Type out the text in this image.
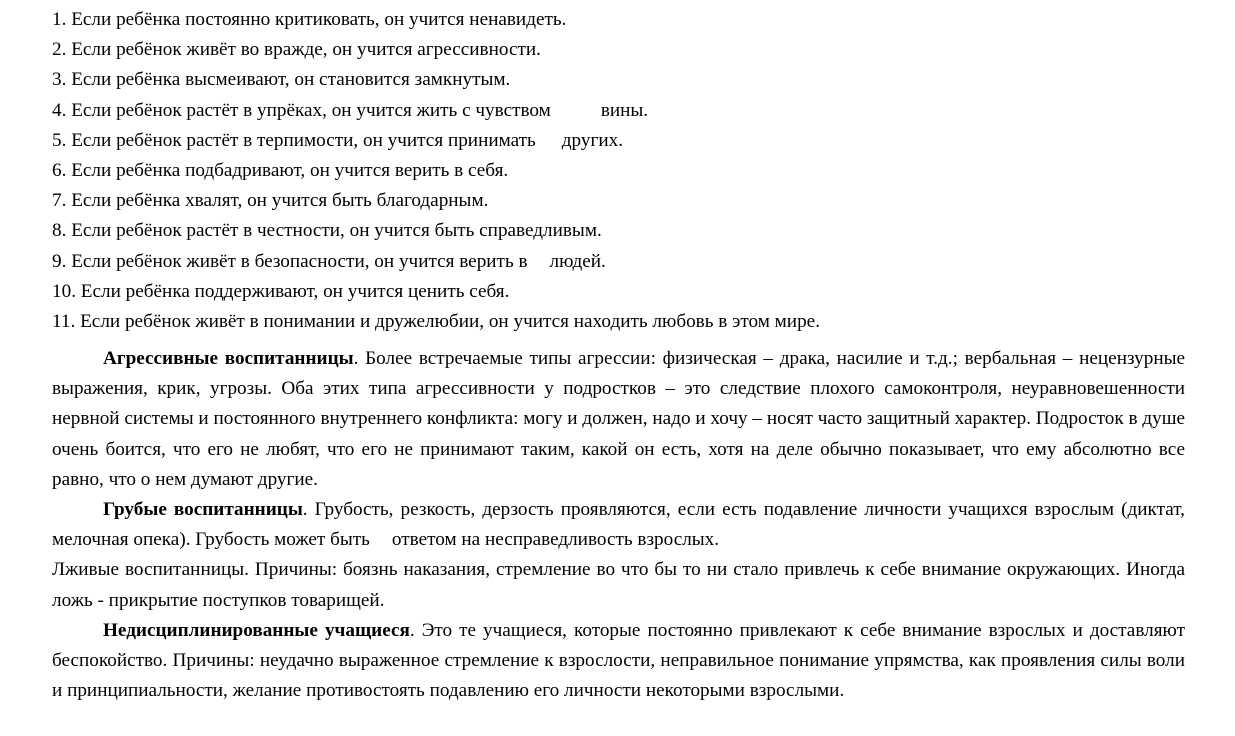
1. Если ребёнка постоянно критиковать, он учится ненавидеть.
2. Если ребёнок живёт во вражде, он учится агрессивности.
3. Если ребёнка высмеивают, он становится замкнутым.
4. Если ребёнок растёт в упрёках, он учится жить с чувством	вины.
5. Если ребёнок растёт в терпимости, он учится принимать других.
6. Если ребёнка подбадривают, он учится верить в себя.
7. Если ребёнка хвалят, он учится быть благодарным.
8. Если ребёнок растёт в честности, он учится быть справедливым.
9. Если ребёнок живёт в безопасности, он учится верить в людей.
10. Если ребёнка поддерживают, он учится ценить себя.
11. Если ребёнок живёт в понимании и дружелюбии, он учится находить любовь в этом мире.

Агрессивные воспитанницы. Более встречаемые типы агрессии: физическая – драка, насилие и т.д.; вербальная – нецензурные выражения, крик, угрозы. Оба этих типа агрессивности у подростков – это следствие плохого самоконтроля, неуравновешенности нервной системы и постоянного внутреннего конфликта: могу и должен, надо и хочу – носят часто защитный характер. Подросток в душе очень боится, что его не любят, что его не принимают таким, какой он есть, хотя на деле обычно показывает, что ему абсолютно все равно, что о нем думают другие.

Грубые воспитанницы. Грубость, резкость, дерзость проявляются, если есть подавление личности учащихся взрослым (диктат, мелочная опека). Грубость может быть ответом на несправедливость взрослых.

Лживые воспитанницы. Причины: боязнь наказания, стремление во что бы то ни стало привлечь к себе внимание окружающих. Иногда ложь - прикрытие поступков товарищей.

Недисциплинированные учащиеся. Это те учащиеся, которые постоянно привлекают к себе внимание взрослых и доставляют беспокойство. Причины: неудачно выраженное стремление к взрослости, неправильное понимание упрямства, как проявления силы воли и принципиальности, желание противостоять подавлению его личности некоторыми взрослыми.
